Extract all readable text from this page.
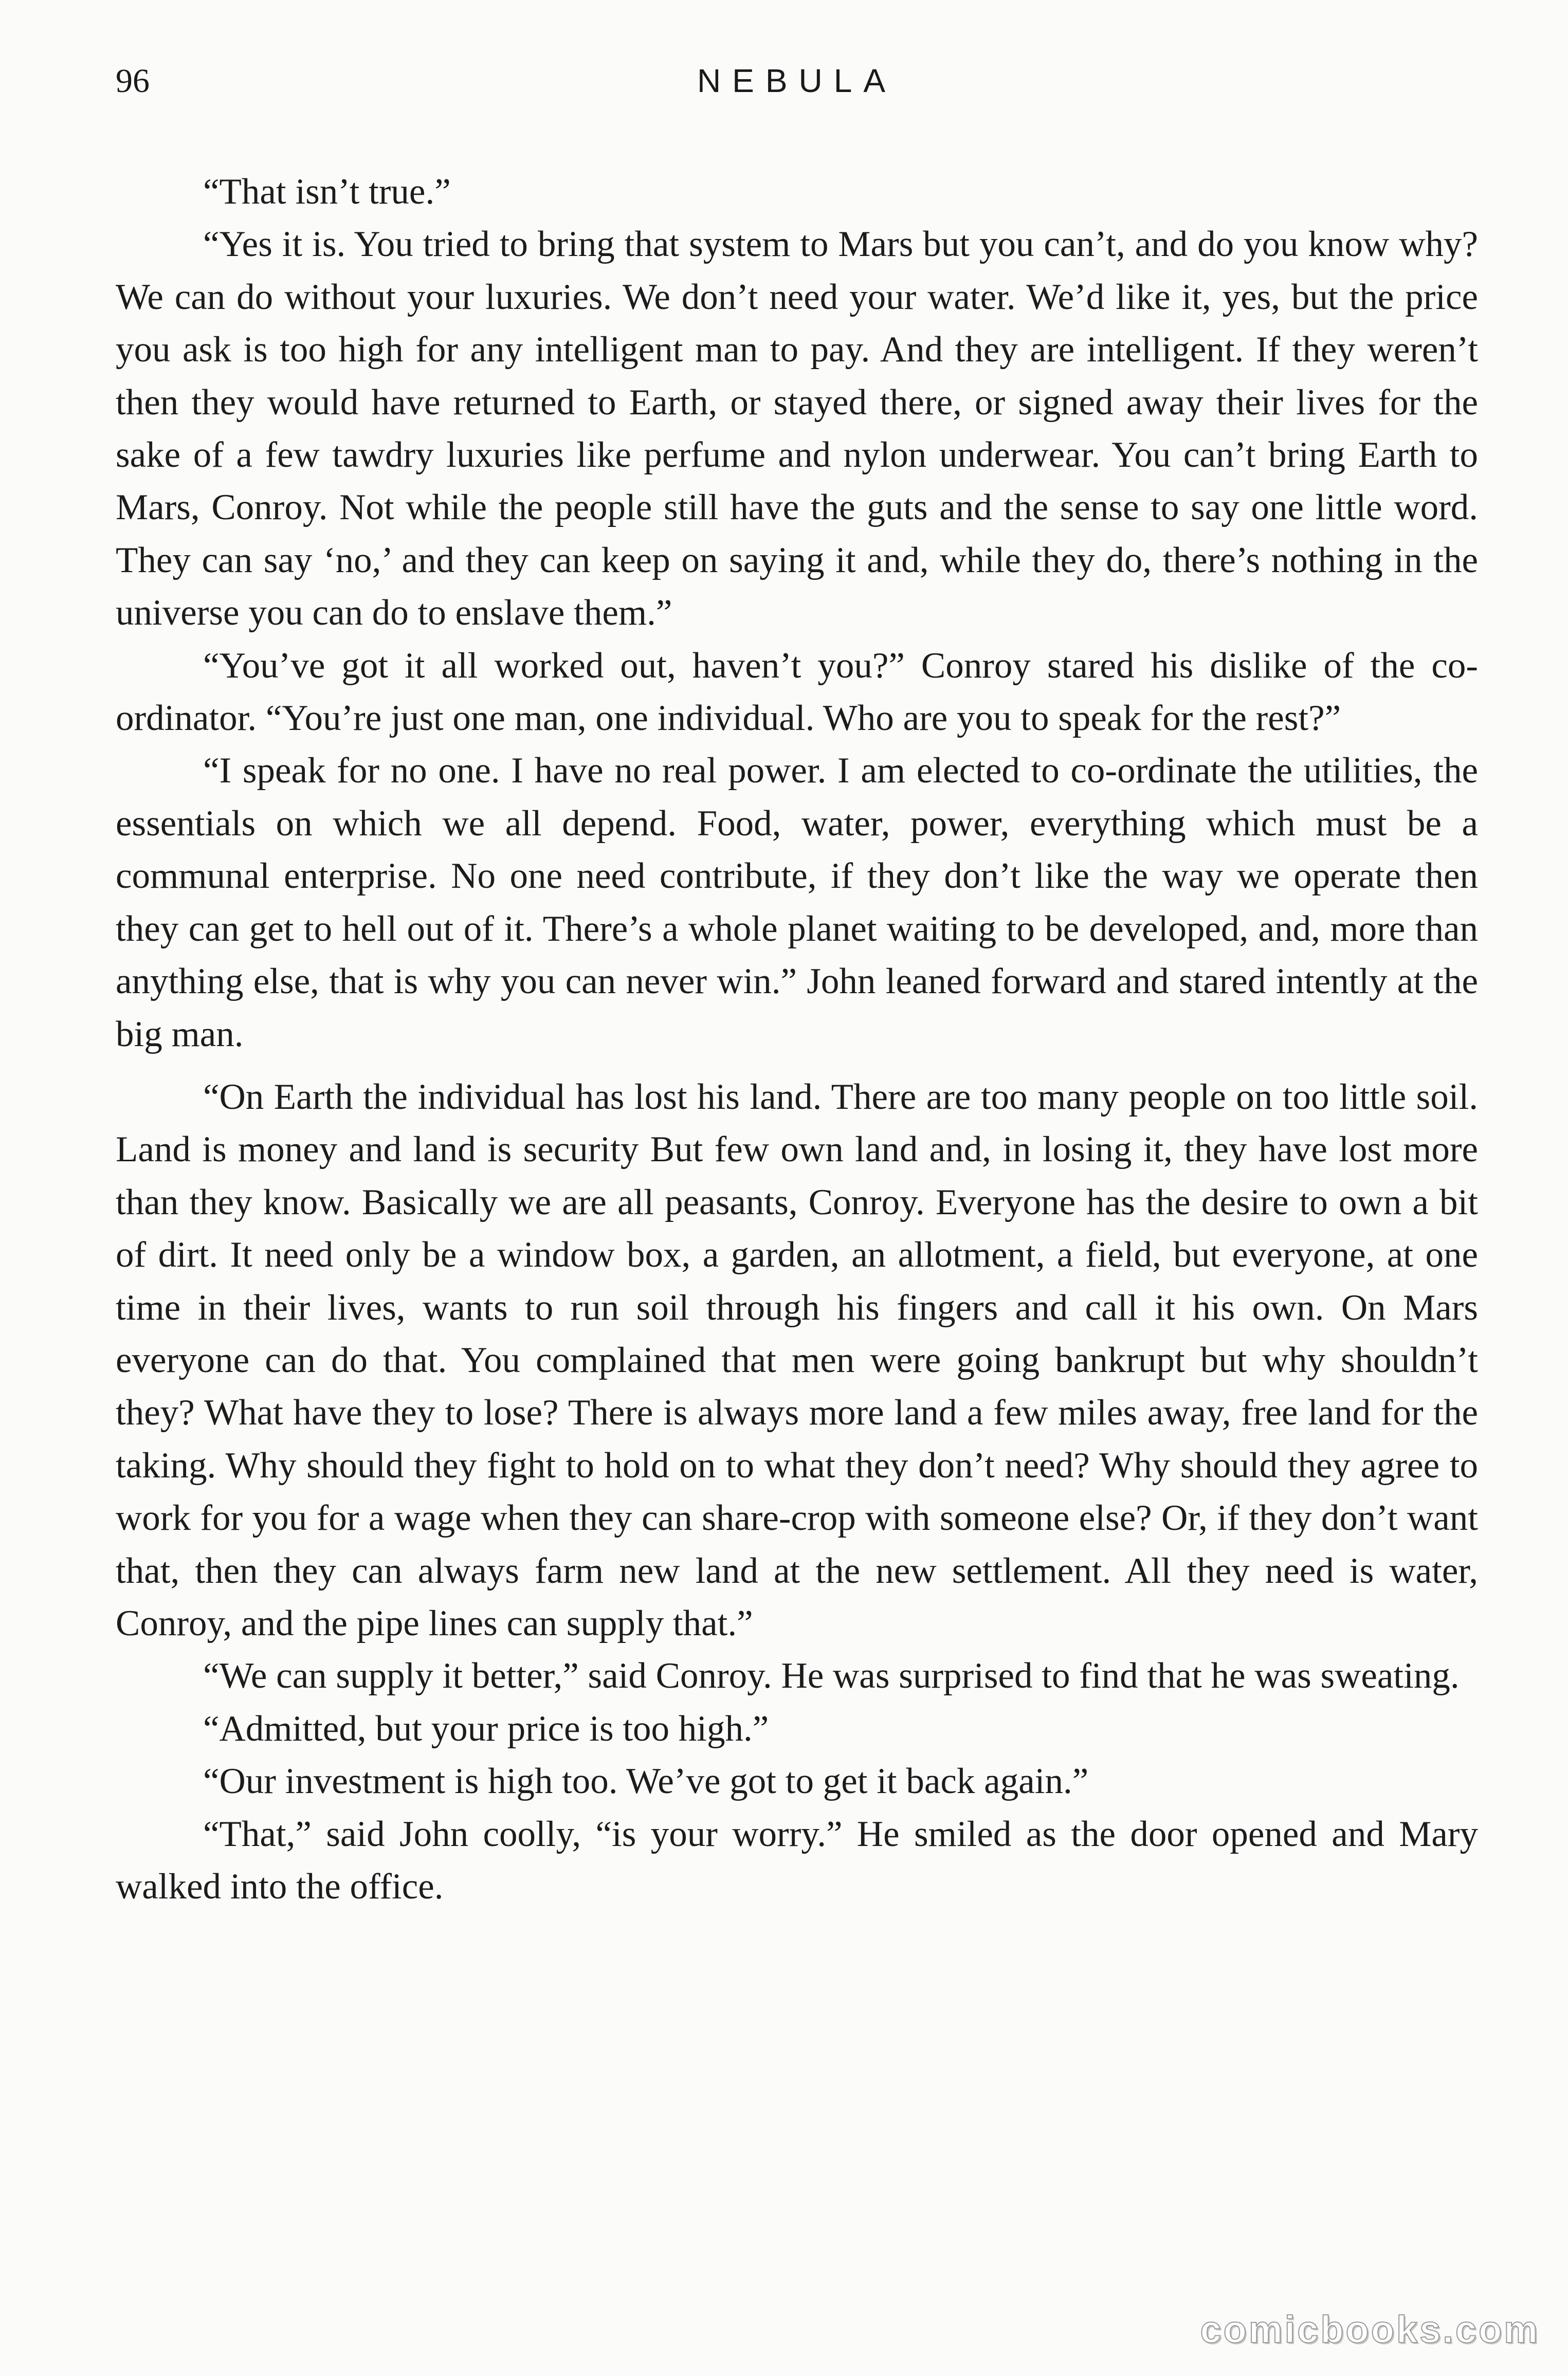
96	NEBULA

“That isn’t true.”

“Yes it is. You tried to bring that system to Mars but you can’t, and do you know why? We can do without your luxuries. We don’t need your water. We’d like it, yes, but the price you ask is too high for any intelligent man to pay. And they are intelligent. If they weren’t then they would have returned to Earth, or stayed there, or signed away their lives for the sake of a few tawdry luxuries like perfume and nylon underwear. You can’t bring Earth to Mars, Conroy. Not while the people still have the guts and the sense to say one little word. They can say ‘no,’ and they can keep on saying it and, while they do, there’s nothing in the universe you can do to enslave them.”

“You’ve got it all worked out, haven’t you?” Conroy stared his dislike of the co-ordinator. “You’re just one man, one individual. Who are you to speak for the rest?”

“I speak for no one. I have no real power. I am elected to co-ordinate the utilities, the essentials on which we all depend. Food, water, power, everything which must be a communal enterprise. No one need contribute, if they don’t like the way we operate then they can get to hell out of it. There’s a whole planet waiting to be developed, and, more than anything else, that is why you can never win.” John leaned forward and stared intently at the big man.

“On Earth the individual has lost his land. There are too many people on too little soil. Land is money and land is security But few own land and, in losing it, they have lost more than they know. Basically we are all peasants, Conroy. Everyone has the desire to own a bit of dirt. It need only be a window box, a garden, an allotment, a field, but everyone, at one time in their lives, wants to run soil through his fingers and call it his own. On Mars everyone can do that. You complained that men were going bankrupt but why shouldn’t they? What have they to lose? There is always more land a few miles away, free land for the taking. Why should they fight to hold on to what they don’t need? Why should they agree to work for you for a wage when they can share-crop with someone else? Or, if they don’t want that, then they can always farm new land at the new settlement. All they need is water, Conroy, and the pipe lines can supply that.”

“We can supply it better,” said Conroy. He was surprised to find that he was sweating.

“Admitted, but your price is too high.”

“Our investment is high too. We’ve got to get it back again.”

“That,” said John coolly, “is your worry.” He smiled as the door opened and Mary walked into the office.

comicbooks.com
